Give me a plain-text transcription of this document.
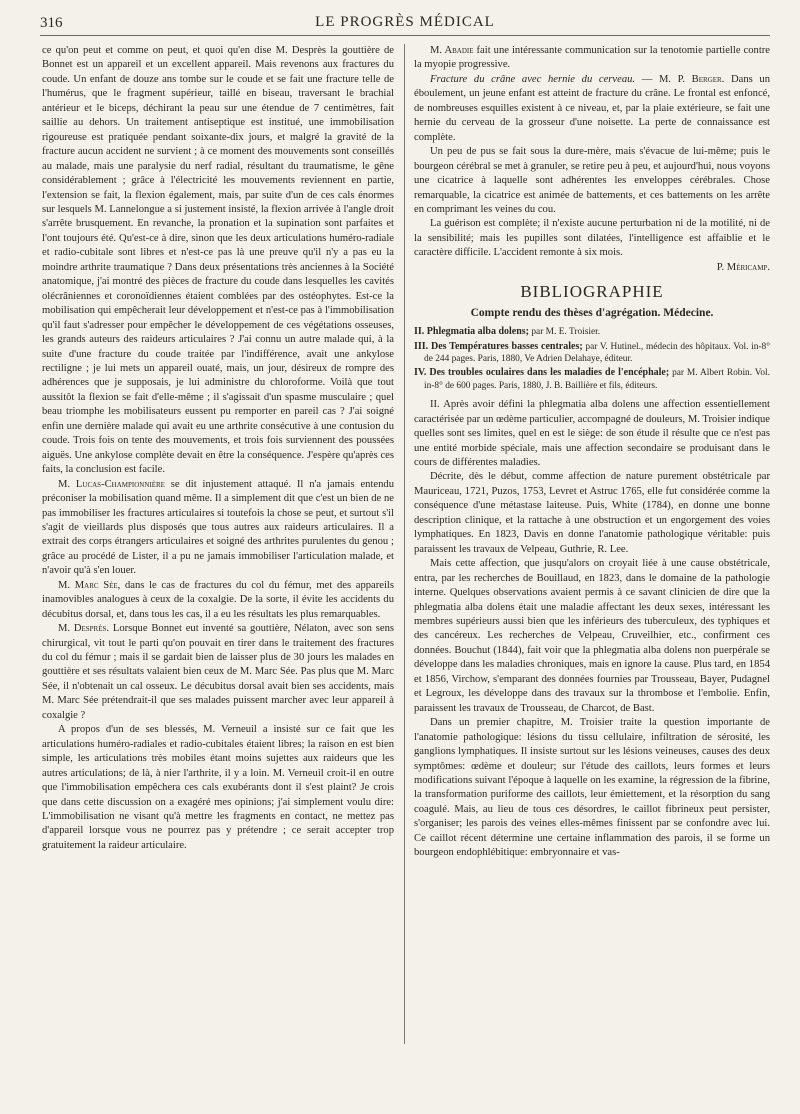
316	LE PROGRÈS MÉDICAL

ce qu'on peut et comme on peut, et quoi qu'en dise M. Desprès la gouttière de Bonnet est un appareil et un excellent appareil. Mais revenons aux fractures du coude. Un enfant de douze ans tombe sur le coude et se fait une fracture telle de l'humérus, que le fragment supérieur, taillé en biseau, traversant le brachial antérieur et le biceps, déchirant la peau sur une étendue de 7 centimètres, fait saillie au dehors. Un traitement antiseptique est institué, une immobilisation rigoureuse est pratiquée pendant soixante-dix jours, et malgré la gravité de la fracture aucun accident ne survient ; à ce moment des mouvements sont conseillés au malade, mais une paralysie du nerf radial, résultant du traumatisme, le gêne considérablement ; grâce à l'électricité les mouvements reviennent en partie, l'extension se fait, la flexion également, mais, par suite d'un de ces cals énormes sur lesquels M. Lannelongue a si justement insisté, la flexion arrivée à l'angle droit s'arrête brusquement. En revanche, la pronation et la supination sont parfaites et l'ont toujours été. Qu'est-ce à dire, sinon que les deux articulations huméro-radiale et radio-cubitale sont libres et n'est-ce pas là une preuve qu'il n'y a pas eu la moindre arthrite traumatique ? Dans deux présentations très anciennes à la Société anatomique, j'ai montré des pièces de fracture du coude dans lesquelles les cavités olécrâniennes et coronoïdiennes étaient comblées par des ostéophytes. Est-ce la mobilisation qui empêcherait leur développement et n'est-ce pas à l'immobilisation qu'il faut s'adresser pour empêcher le développement de ces végétations osseuses, les grands auteurs des raideurs articulaires ? J'ai connu un autre malade qui, à la suite d'une fracture du coude traitée par l'indifférence, avait une ankylose rectiligne ; je lui mets un appareil ouaté, mais, un jour, désireux de rompre des adhérences que je supposais, je lui administre du chloroforme. Voilà que tout aussitôt la flexion se fait d'elle-même ; il s'agissait d'un spasme musculaire ; quel beau triomphe les mobilisateurs eussent pu remporter en pareil cas ? J'ai soigné enfin une dernière malade qui avait eu une arthrite consécutive à une contusion du coude. Trois fois on tente des mouvements, et trois fois surviennent des poussées aiguës. Une ankylose complète devait en être la conséquence. J'espère qu'après ces faits, la conclusion est facile.

M. Lucas-Championnière se dit injustement attaqué. Il n'a jamais entendu préconiser la mobilisation quand même. Il a simplement dit que c'est un bien de ne pas immobiliser les fractures articulaires si toutefois la chose se peut, et surtout s'il s'agit de vieillards plus disposés que tous autres aux raideurs articulaires. Il a extrait des corps étrangers articulaires et soigné des arthrites purulentes du genou ; grâce au procédé de Lister, il a pu ne jamais immobiliser l'articulation malade, et n'avoir qu'à s'en louer.

M. Marc Sée, dans le cas de fractures du col du fémur, met des appareils inamovibles analogues à ceux de la coxalgie. De la sorte, il évite les accidents du décubitus dorsal, et, dans tous les cas, il a eu les résultats les plus remarquables.

M. Desprès. Lorsque Bonnet eut inventé sa gouttière, Nélaton, avec son sens chirurgical, vit tout le parti qu'on pouvait en tirer dans le traitement des fractures du col du fémur ; mais il se gardait bien de laisser plus de 30 jours les malades en gouttière et ses résultats valaient bien ceux de M. Marc Sée. Pas plus que M. Marc Sée, il n'obtenait un cal osseux. Le décubitus dorsal avait bien ses accidents, mais M. Marc Sée prétendrait-il que ses malades puissent marcher avec leur appareil à coxalgie ?

A propos d'un de ses blessés, M. Verneuil a insisté sur ce fait que les articulations huméro-radiales et radio-cubitales étaient libres; la raison en est bien simple, les articulations très mobiles étant moins sujettes aux raideurs que les autres articulations; de là, à nier l'arthrite, il y a loin. M. Verneuil croit-il en outre que l'immobilisation empêchera ces cals exubérants dont il s'est plaint? Je crois que dans cette discussion on a exagéré mes opinions; j'ai simplement voulu dire: L'immobilisation ne visant qu'à mettre les fragments en contact, ne mettez pas d'appareil lorsque vous ne pourrez pas y prétendre ; ce serait accepter trop gratuitement la raideur articulaire.

M. Abadie fait une intéressante communication sur la tenotomie partielle contre la myopie progressive.

Fracture du crâne avec hernie du cerveau. — M. P. Berger. Dans un éboulement, un jeune enfant est atteint de fracture du crâne. Le frontal est enfoncé, de nombreuses esquilles existent à ce niveau, et, par la plaie extérieure, se fait une hernie du cerveau de la grosseur d'une noisette. La perte de connaissance est complète.

Un peu de pus se fait sous la dure-mère, mais s'évacue de lui-même; puis le bourgeon cérébral se met à granuler, se retire peu à peu, et aujourd'hui, nous voyons une cicatrice à laquelle sont adhérentes les enveloppes cérébrales. Chose remarquable, la cicatrice est animée de battements, et ces battements on les arrête en comprimant les veines du cou.

La guérison est complète; il n'existe aucune perturbation ni de la motilité, ni de la sensibilité; mais les pupilles sont dilatées, l'intelligence est affaiblie et le caractère difficile. L'accident remonte à six mois.

P. Méricamp.

BIBLIOGRAPHIE
Compte rendu des thèses d'agrégation. Médecine.

II. Phlegmatia alba dolens; par M. E. Troisier.

III. Des Températures basses centrales; par V. Hutinel., médecin des hôpitaux. Vol. in-8° de 244 pages. Paris, 1880, Ve Adrien Delahaye, éditeur.

IV. Des troubles oculaires dans les maladies de l'encéphale; par M. Albert Robin. Vol. in-8° de 600 pages. Paris, 1880, J. B. Baillière et fils, éditeurs.

II. Après avoir défini la phlegmatia alba dolens une affection essentiellement caractérisée par un œdème particulier, accompagné de douleurs, M. Troisier indique quelles sont ses limites, quel en est le siège: de son étude il résulte que ce n'est pas une entité morbide spéciale, mais une affection secondaire se produisant dans le cours de différentes maladies.

Décrite, dès le début, comme affection de nature purement obstétricale par Mauriceau, 1721, Puzos, 1753, Levret et Astruc 1765, elle fut considérée comme la conséquence d'une métastase laiteuse. Puis, White (1784), en donne une bonne description clinique, et la rattache à une obstruction et un engorgement des voies lymphatiques. En 1823, Davis en donne l'anatomie pathologique véritable: puis paraissent les travaux de Velpeau, Guthrie, R. Lee.

Mais cette affection, que jusqu'alors on croyait liée à une cause obstétricale, entra, par les recherches de Bouillaud, en 1823, dans le domaine de la pathologie interne. Quelques observations avaient permis à ce savant clinicien de dire que la phlegmatia alba dolens était une maladie affectant les deux sexes, intéressant les membres supérieurs aussi bien que les inférieurs des tuberculeux, des typhiques et des cancéreux. Les recherches de Velpeau, Cruveilhier, etc., confirment ces données. Bouchut (1844), fait voir que la phlegmatia alba dolens non puerpérale se développe dans les maladies chroniques, mais en ignore la cause. Plus tard, en 1854 et 1856, Virchow, s'emparant des données fournies par Trousseau, Bayer, Pudagnel et Legroux, les développe dans des travaux sur la thrombose et l'embolie. Enfin, paraissent les travaux de Trousseau, de Charcot, de Bast.

Dans un premier chapitre, M. Troisier traite la question importante de l'anatomie pathologique: lésions du tissu cellulaire, infiltration de sérosité, les ganglions lymphatiques. Il insiste surtout sur les lésions veineuses, causes des deux symptômes: œdème et douleur; sur l'étude des caillots, leurs formes et leurs modifications suivant l'époque à laquelle on les examine, la régression de la fibrine, la transformation puriforme des caillots, leur émiettement, et la résorption du sang coagulé. Mais, au lieu de tous ces désordres, le caillot fibrineux peut persister, s'organiser; les parois des veines elles-mêmes finissent par se confondre avec lui. Ce caillot récent détermine une certaine inflammation des parois, il se forme un bourgeon endophlébitique: embryonnaire et vas-
